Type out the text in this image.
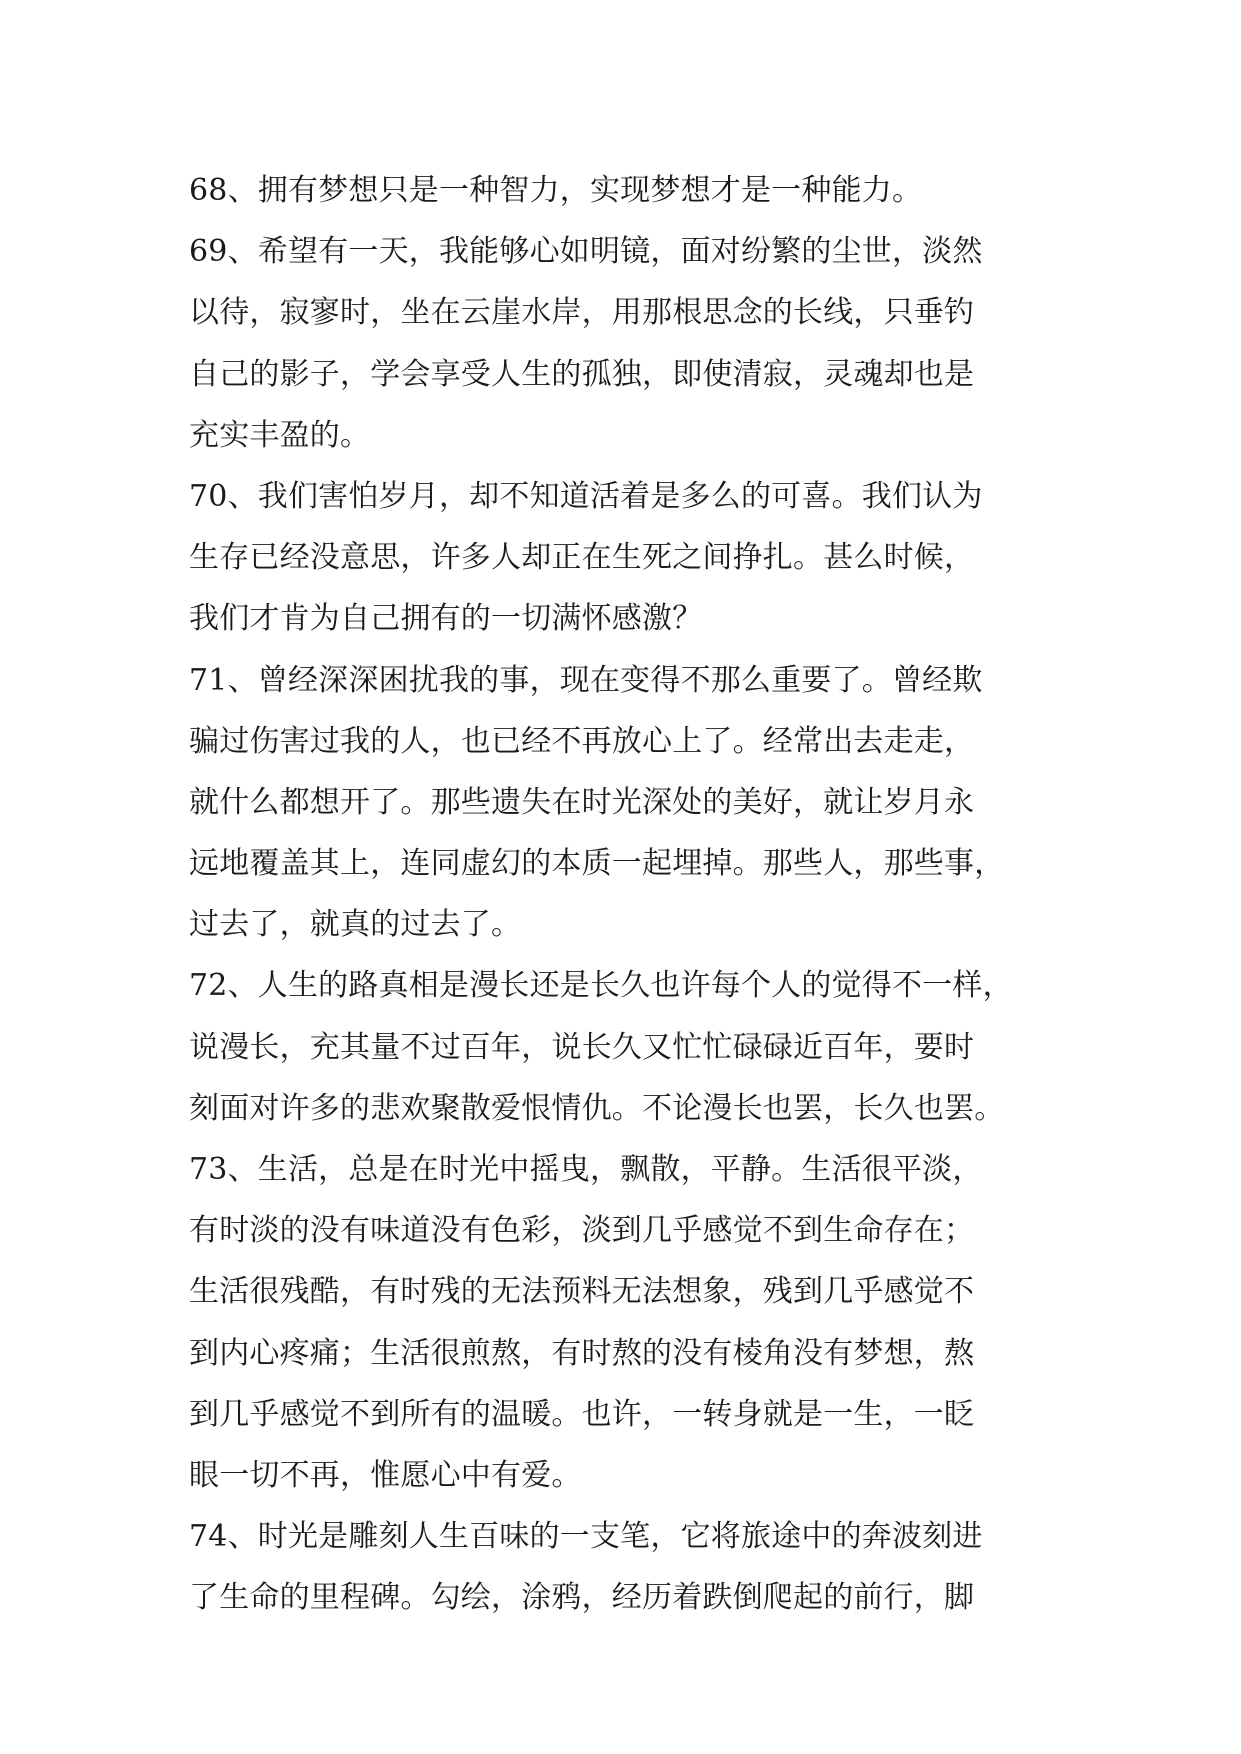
68、拥有梦想只是一种智力，实现梦想才是一种能力。
69、希望有一天，我能够心如明镜，面对纷繁的尘世，淡然
以待，寂寥时，坐在云崖水岸，用那根思念的长线，只垂钓
自己的影子，学会享受人生的孤独，即使清寂，灵魂却也是
充实丰盈的。
70、我们害怕岁月，却不知道活着是多么的可喜。我们认为
生存已经没意思，许多人却正在生死之间挣扎。甚么时候，
我们才肯为自己拥有的一切满怀感激？
71、曾经深深困扰我的事，现在变得不那么重要了。曾经欺
骗过伤害过我的人，也已经不再放心上了。经常出去走走，
就什么都想开了。那些遗失在时光深处的美好，就让岁月永
远地覆盖其上，连同虚幻的本质一起埋掉。那些人，那些事，
过去了，就真的过去了。
72、人生的路真相是漫长还是长久也许每个人的觉得不一样，
说漫长，充其量不过百年，说长久又忙忙碌碌近百年，要时
刻面对许多的悲欢聚散爱恨情仇。不论漫长也罢，长久也罢。
73、生活，总是在时光中摇曳，飘散，平静。生活很平淡，
有时淡的没有味道没有色彩，淡到几乎感觉不到生命存在；
生活很残酷，有时残的无法预料无法想象，残到几乎感觉不
到内心疼痛；生活很煎熬，有时熬的没有棱角没有梦想，熬
到几乎感觉不到所有的温暖。也许，一转身就是一生，一眨
眼一切不再，惟愿心中有爱。
74、时光是雕刻人生百味的一支笔，它将旅途中的奔波刻进
了生命的里程碑。勾绘，涂鸦，经历着跌倒爬起的前行，脚
